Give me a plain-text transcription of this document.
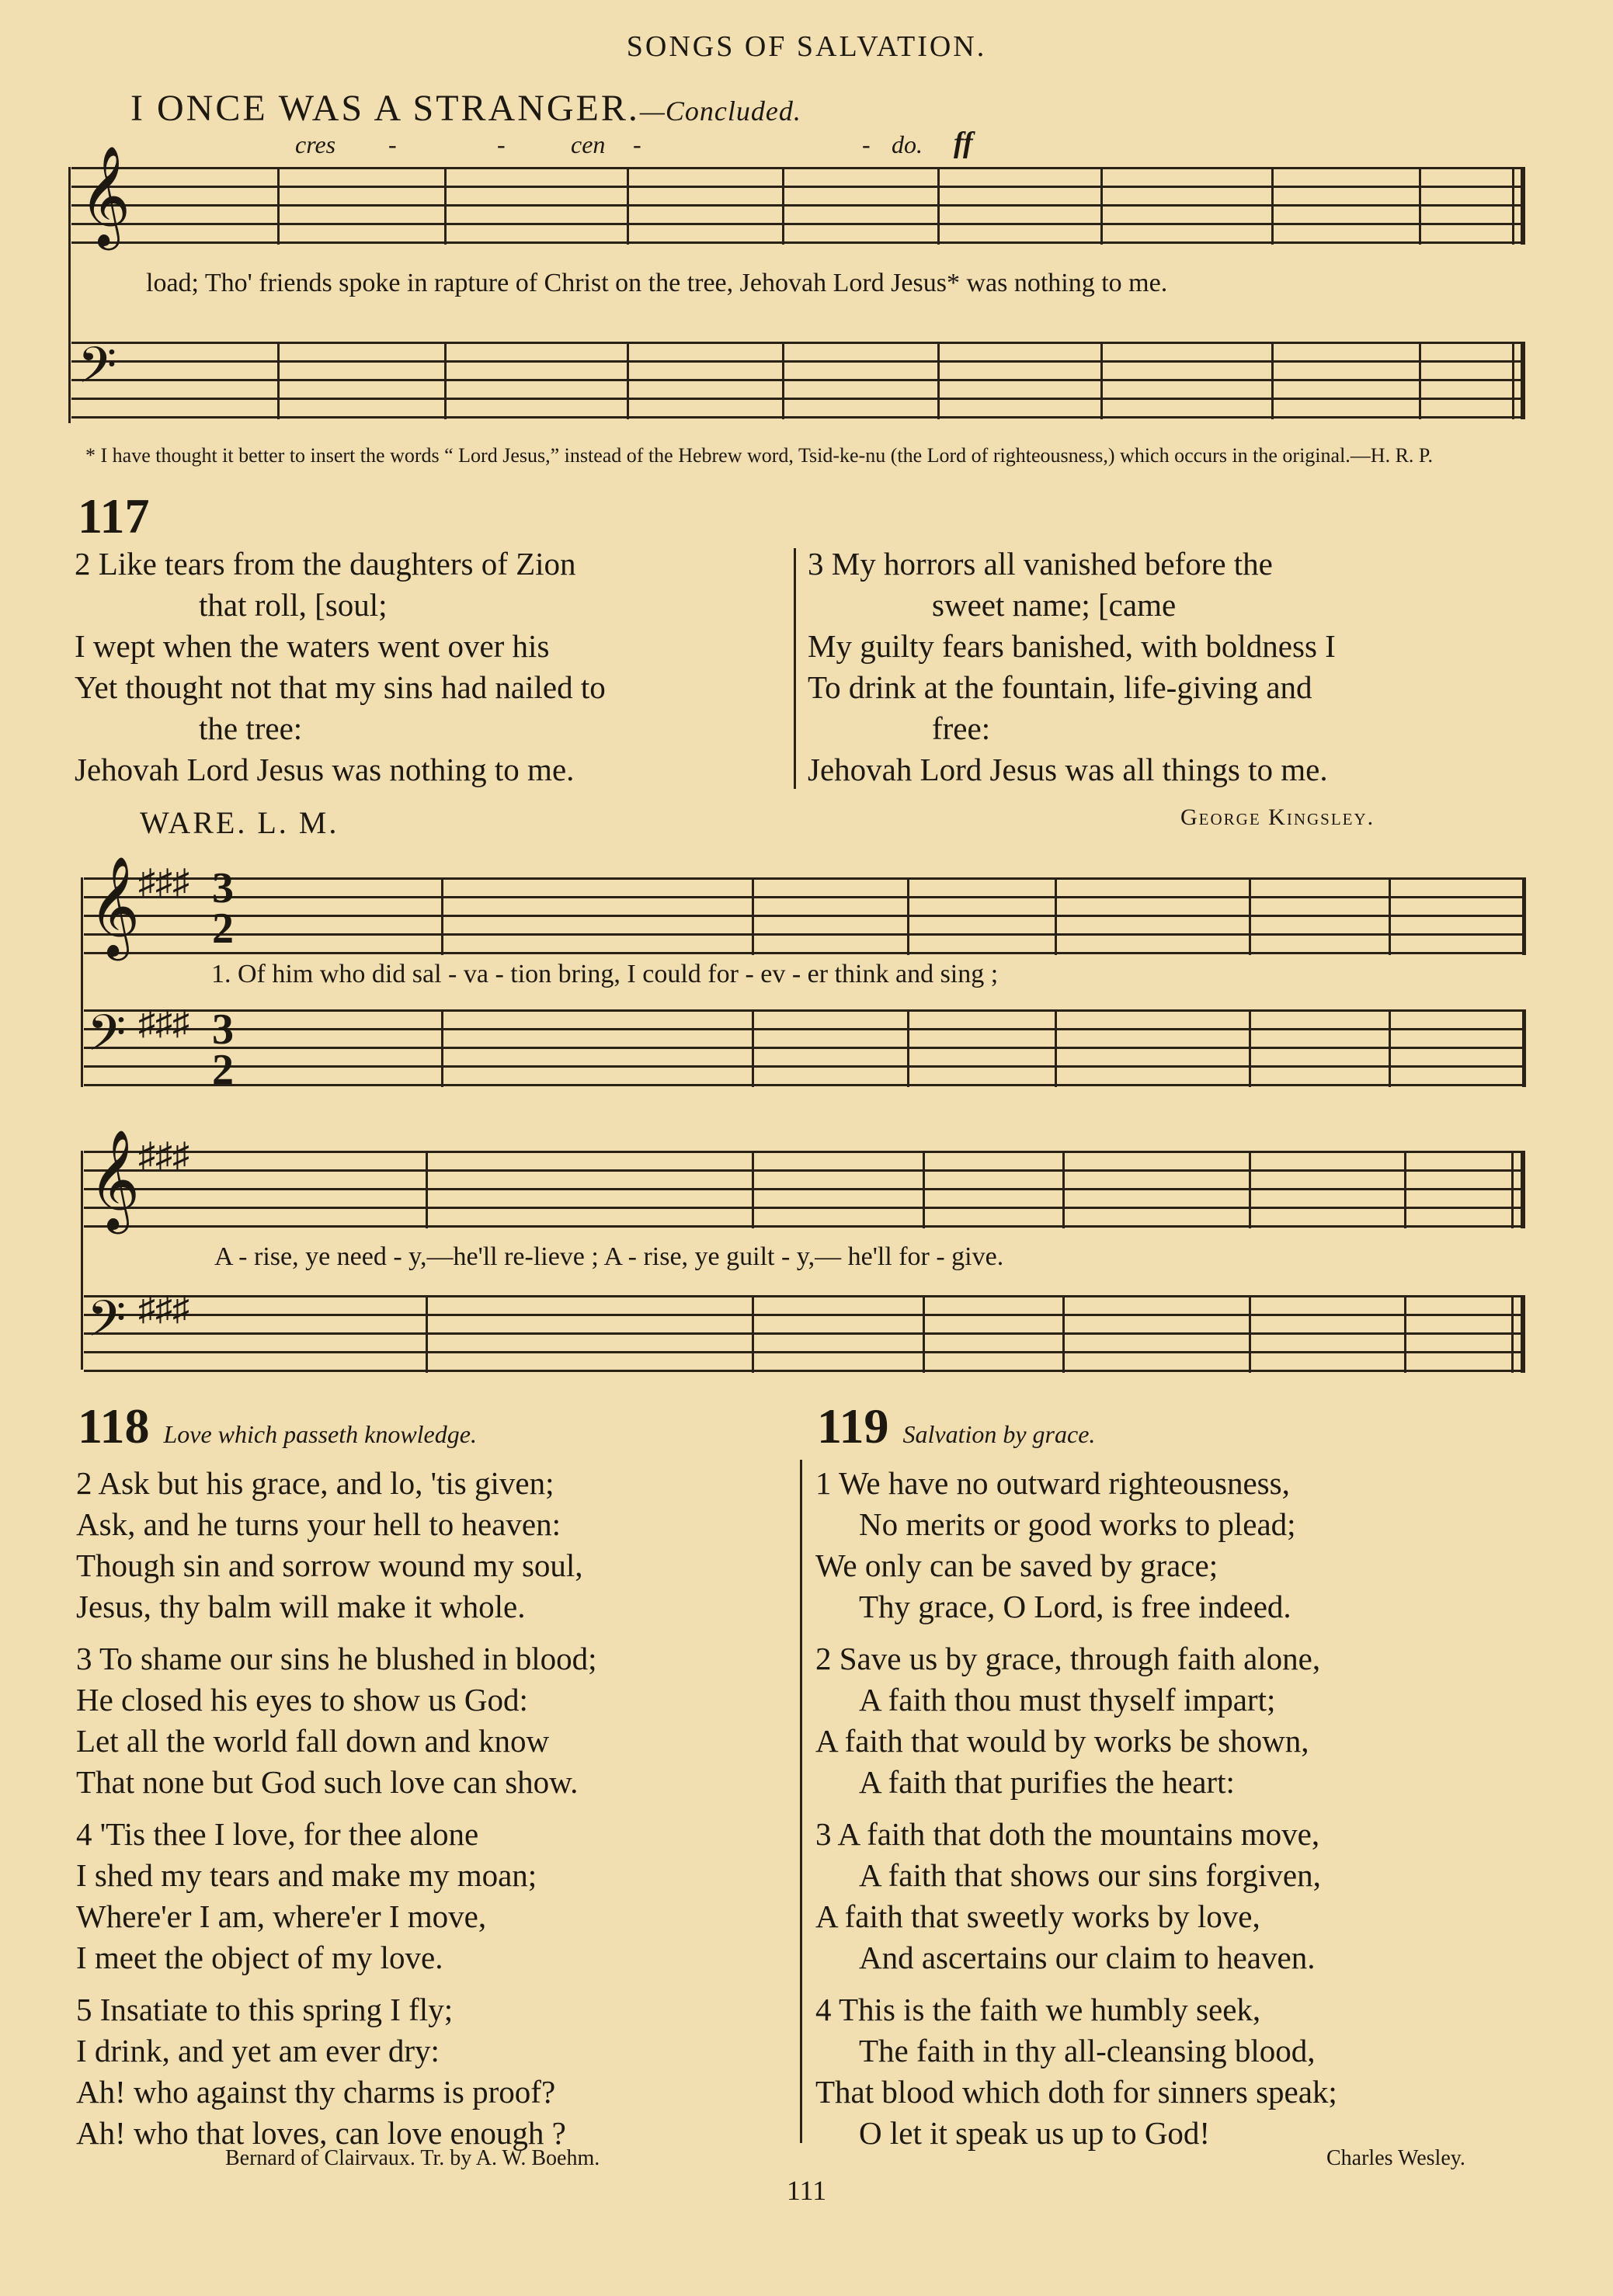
SONGS OF SALVATION.
I ONCE WAS A STRANGER.—Concluded.
cres -	-	cen -	- do. ff
𝄞
load; Tho' friends spoke in rapture of Christ on the tree, Jehovah Lord Jesus* was nothing to me.
𝄢
* I have thought it better to insert the words “ Lord Jesus,” instead of the Hebrew word, Tsid-ke-nu (the Lord of righteousness,) which occurs in the original.—H. R. P.
117
2 Like tears from the daughters of Zion
that roll, [soul;
I wept when the waters went over his
Yet thought not that my sins had nailed to
the tree:
Jehovah Lord Jesus was nothing to me.
3 My horrors all vanished before the
sweet name; [came
My guilty fears banished, with boldness I
To drink at the fountain, life-giving and
free:
Jehovah Lord Jesus was all things to me.
WARE. L. M.	George Kingsley.
𝄞
♯♯♯ 3
2
1. Of him who did sal - va - tion bring, I could for - ev - er think and sing ;
𝄢 ♯♯♯ 3
2
𝄞
♯♯♯
A - rise, ye need - y,—he'll re-lieve ; A - rise, ye guilt - y,— he'll for - give.
𝄢 ♯♯♯
118 Love which passeth knowledge.
2 Ask but his grace, and lo, 'tis given;
Ask, and he turns your hell to heaven:
Though sin and sorrow wound my soul,
Jesus, thy balm will make it whole.
3 To shame our sins he blushed in blood;
He closed his eyes to show us God:
Let all the world fall down and know
That none but God such love can show.
4 'Tis thee I love, for thee alone
I shed my tears and make my moan;
Where'er I am, where'er I move,
I meet the object of my love.
5 Insatiate to this spring I fly;
I drink, and yet am ever dry:
Ah! who against thy charms is proof?
Ah! who that loves, can love enough ?
Bernard of Clairvaux. Tr. by A. W. Boehm.
119 Salvation by grace.
1 We have no outward righteousness,
No merits or good works to plead;
We only can be saved by grace;
Thy grace, O Lord, is free indeed.
2 Save us by grace, through faith alone,
A faith thou must thyself impart;
A faith that would by works be shown,
A faith that purifies the heart:
3 A faith that doth the mountains move,
A faith that shows our sins forgiven,
A faith that sweetly works by love,
And ascertains our claim to heaven.
4 This is the faith we humbly seek,
The faith in thy all-cleansing blood,
That blood which doth for sinners speak;
O let it speak us up to God!
Charles Wesley.
111
